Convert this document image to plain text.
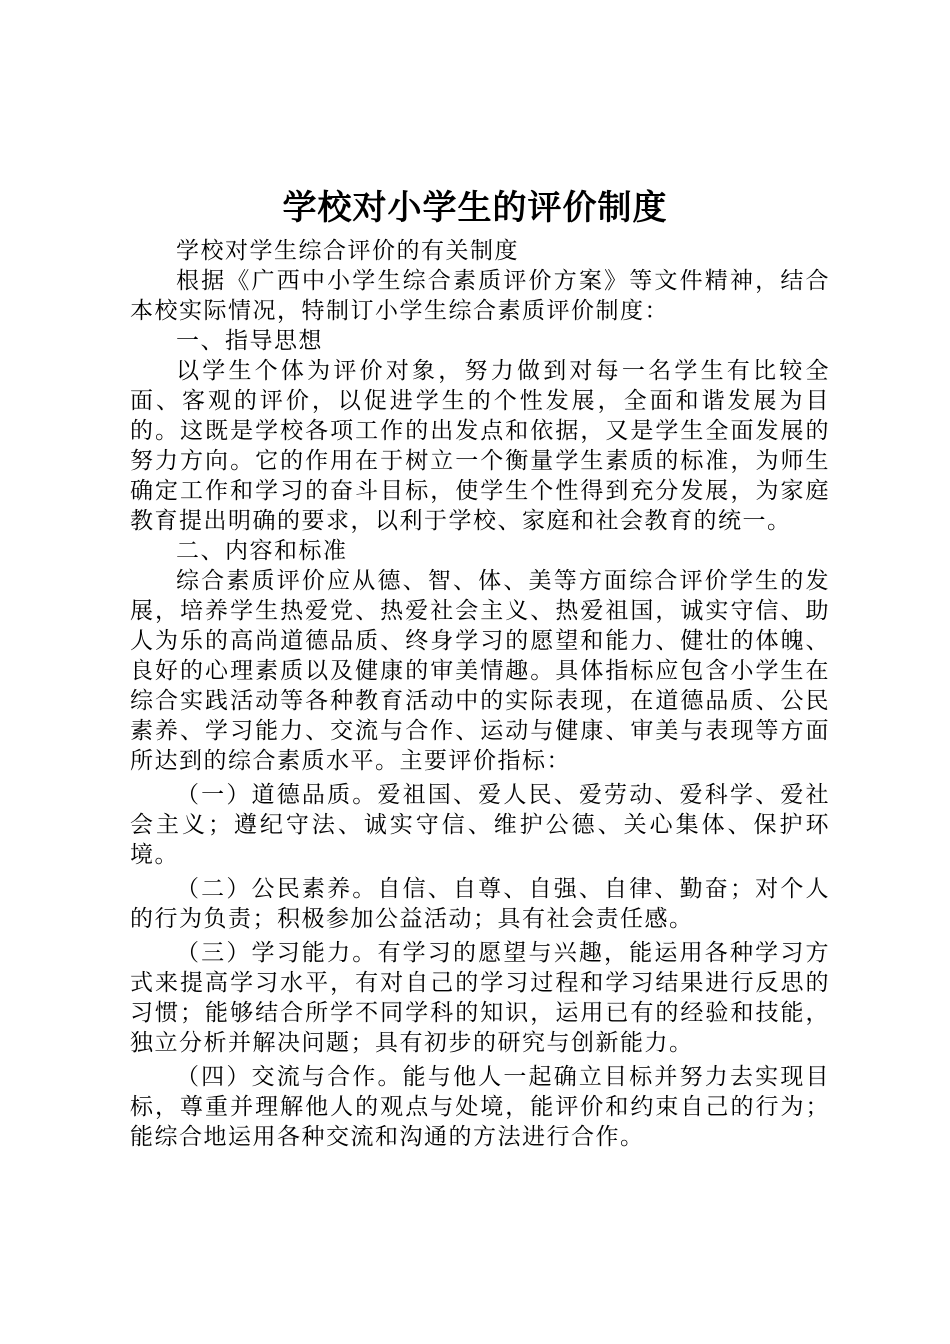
学校对小学生的评价制度

学校对学生综合评价的有关制度

根据《广西中小学生综合素质评价方案》等文件精神，结合本校实际情况，特制订小学生综合素质评价制度：

一、指导思想

以学生个体为评价对象，努力做到对每一名学生有比较全面、客观的评价，以促进学生的个性发展，全面和谐发展为目的。这既是学校各项工作的出发点和依据，又是学生全面发展的努力方向。它的作用在于树立一个衡量学生素质的标准，为师生确定工作和学习的奋斗目标，使学生个性得到充分发展，为家庭教育提出明确的要求，以利于学校、家庭和社会教育的统一。

二、内容和标准

综合素质评价应从德、智、体、美等方面综合评价学生的发展，培养学生热爱党、热爱社会主义、热爱祖国，诚实守信、助人为乐的高尚道德品质、终身学习的愿望和能力、健壮的体魄、良好的心理素质以及健康的审美情趣。具体指标应包含小学生在综合实践活动等各种教育活动中的实际表现，在道德品质、公民素养、学习能力、交流与合作、运动与健康、审美与表现等方面所达到的综合素质水平。主要评价指标：

（一）道德品质。爱祖国、爱人民、爱劳动、爱科学、爱社会主义；遵纪守法、诚实守信、维护公德、关心集体、保护环境。

（二）公民素养。自信、自尊、自强、自律、勤奋；对个人的行为负责；积极参加公益活动；具有社会责任感。

（三）学习能力。有学习的愿望与兴趣，能运用各种学习方式来提高学习水平，有对自己的学习过程和学习结果进行反思的习惯；能够结合所学不同学科的知识，运用已有的经验和技能，独立分析并解决问题；具有初步的研究与创新能力。

（四）交流与合作。能与他人一起确立目标并努力去实现目标，尊重并理解他人的观点与处境，能评价和约束自己的行为；能综合地运用各种交流和沟通的方法进行合作。
